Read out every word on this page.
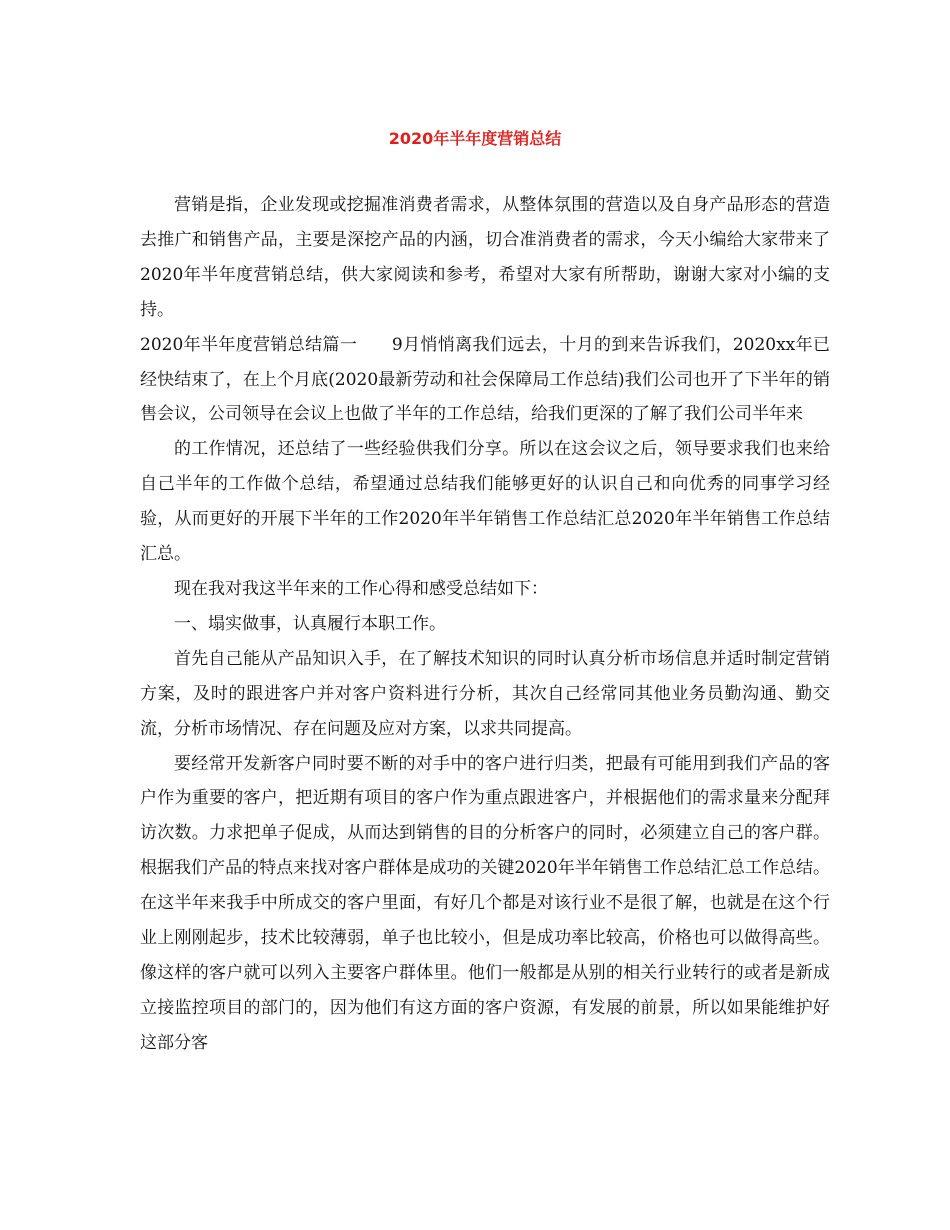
2020年半年度营销总结

营销是指，企业发现或挖掘准消费者需求，从整体氛围的营造以及自身产品形态的营造去推广和销售产品，主要是深挖产品的内涵，切合准消费者的需求，今天小编给大家带来了2020年半年度营销总结，供大家阅读和参考，希望对大家有所帮助，谢谢大家对小编的支持。

2020年半年度营销总结篇一　　9月悄悄离我们远去，十月的到来告诉我们，2020xx年已经快结束了，在上个月底(2020最新劳动和社会保障局工作总结)我们公司也开了下半年的销售会议，公司领导在会议上也做了半年的工作总结，给我们更深的了解了我们公司半年来

的工作情况，还总结了一些经验供我们分享。所以在这会议之后，领导要求我们也来给自己半年的工作做个总结，希望通过总结我们能够更好的认识自己和向优秀的同事学习经验，从而更好的开展下半年的工作2020年半年销售工作总结汇总2020年半年销售工作总结汇总。

现在我对我这半年来的工作心得和感受总结如下：

一、塌实做事，认真履行本职工作。

首先自己能从产品知识入手，在了解技术知识的同时认真分析市场信息并适时制定营销方案，及时的跟进客户并对客户资料进行分析，其次自己经常同其他业务员勤沟通、勤交流，分析市场情况、存在问题及应对方案，以求共同提高。

要经常开发新客户同时要不断的对手中的客户进行归类，把最有可能用到我们产品的客户作为重要的客户，把近期有项目的客户作为重点跟进客户，并根据他们的需求量来分配拜访次数。力求把单子促成，从而达到销售的目的分析客户的同时，必须建立自己的客户群。根据我们产品的特点来找对客户群体是成功的关键2020年半年销售工作总结汇总工作总结。在这半年来我手中所成交的客户里面，有好几个都是对该行业不是很了解，也就是在这个行业上刚刚起步，技术比较薄弱，单子也比较小，但是成功率比较高，价格也可以做得高些。像这样的客户就可以列入主要客户群体里。他们一般都是从别的相关行业转行的或者是新成立接监控项目的部门的，因为他们有这方面的客户资源，有发展的前景，所以如果能维护好这部分客
